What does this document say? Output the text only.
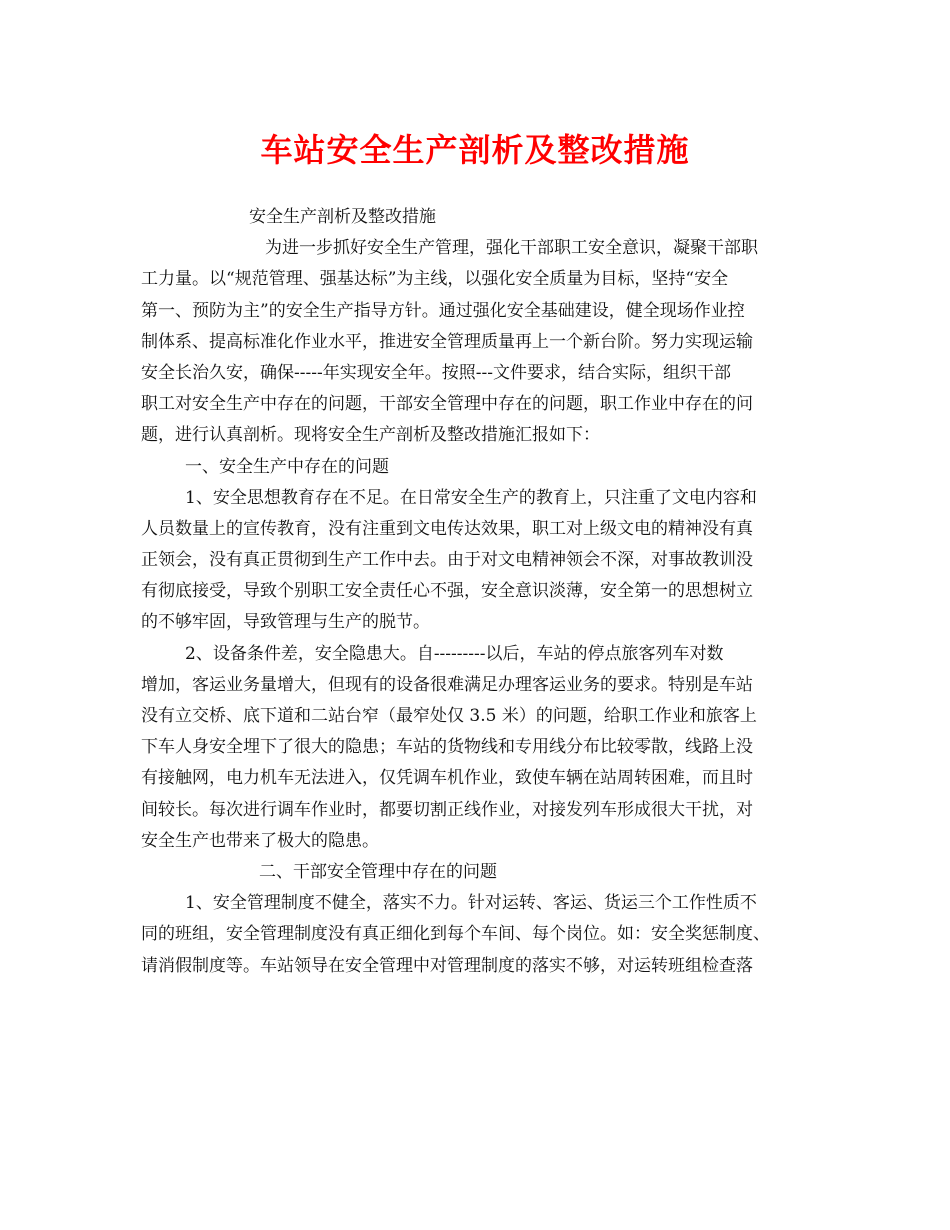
车站安全生产剖析及整改措施
安全生产剖析及整改措施
为进一步抓好安全生产管理，强化干部职工安全意识，凝聚干部职
工力量。以“规范管理、强基达标”为主线，以强化安全质量为目标，坚持“安全
第一、预防为主”的安全生产指导方针。通过强化安全基础建设，健全现场作业控
制体系、提高标准化作业水平，推进安全管理质量再上一个新台阶。努力实现运输
安全长治久安，确保-----年实现安全年。按照---文件要求，结合实际，组织干部
职工对安全生产中存在的问题，干部安全管理中存在的问题，职工作业中存在的问
题，进行认真剖析。现将安全生产剖析及整改措施汇报如下：
一、安全生产中存在的问题
1、安全思想教育存在不足。在日常安全生产的教育上，只注重了文电内容和
人员数量上的宣传教育，没有注重到文电传达效果，职工对上级文电的精神没有真
正领会，没有真正贯彻到生产工作中去。由于对文电精神领会不深，对事故教训没
有彻底接受，导致个别职工安全责任心不强，安全意识淡薄，安全第一的思想树立
的不够牢固，导致管理与生产的脱节。
2、设备条件差，安全隐患大。自---------以后，车站的停点旅客列车对数
增加，客运业务量增大，但现有的设备很难满足办理客运业务的要求。特别是车站
没有立交桥、底下道和二站台窄（最窄处仅 3.5 米）的问题，给职工作业和旅客上
下车人身安全埋下了很大的隐患；车站的货物线和专用线分布比较零散，线路上没
有接触网，电力机车无法进入，仅凭调车机作业，致使车辆在站周转困难，而且时
间较长。每次进行调车作业时，都要切割正线作业，对接发列车形成很大干扰，对
安全生产也带来了极大的隐患。
二、干部安全管理中存在的问题
1、安全管理制度不健全，落实不力。针对运转、客运、货运三个工作性质不
同的班组，安全管理制度没有真正细化到每个车间、每个岗位。如：安全奖惩制度、
请消假制度等。车站领导在安全管理中对管理制度的落实不够，对运转班组检查落
